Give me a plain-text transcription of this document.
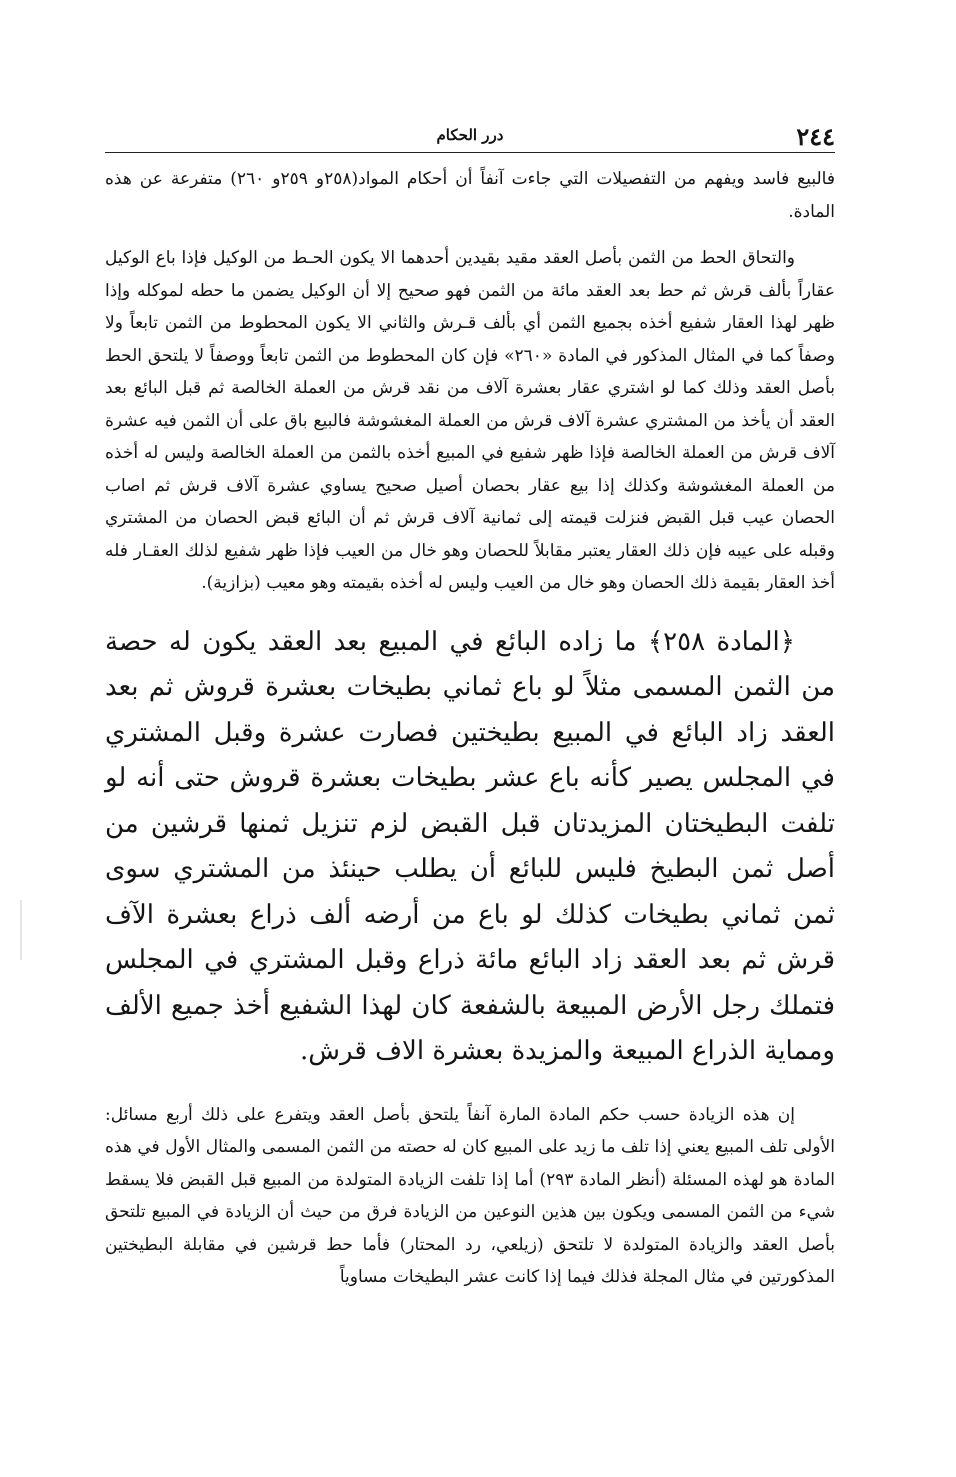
٢٤٤
درر الحكام

فالبيع فاسد ويفهم من التفصيلات التي جاءت آنفاً أن أحكام المواد(٢٥٨و ٢٥٩و ٢٦٠) متفرعة عن هذه المادة.

والتحاق الحط من الثمن بأصل العقد مقيد بقيدين أحدهما الا يكون الحـط من الوكيل فإذا باع الوكيل عقاراً بألف قرش ثم حط بعد العقد مائة من الثمن فهو صحيح إلا أن الوكيل يضمن ما حطه لموكله وإذا ظهر لهذا العقار شفيع أخذه بجميع الثمن أي بألف قـرش والثاني الا يكون المحطوط من الثمن تابعاً ولا وصفاً كما في المثال المذكور في المادة «٢٦٠» فإن كان المحطوط من الثمن تابعاً ووصفاً لا يلتحق الحط بأصل العقد وذلك كما لو اشتري عقار بعشرة آلاف من نقد قرش من العملة الخالصة ثم قبل البائع بعد العقد أن يأخذ من المشتري عشرة آلاف قرش من العملة المغشوشة فالبيع باق على أن الثمن فيه عشرة آلاف قرش من العملة الخالصة فإذا ظهر شفيع في المبيع أخذه بالثمن من العملة الخالصة وليس له أخذه من العملة المغشوشة وكذلك إذا بيع عقار بحصان أصيل صحيح يساوي عشرة آلاف قرش ثم اصاب الحصان عيب قبل القبض فنزلت قيمته إلى ثمانية آلاف قرش ثم أن البائع قبض الحصان من المشتري وقبله على عيبه فإن ذلك العقار يعتبر مقابلاً للحصان وهو خال من العيب فإذا ظهر شفيع لذلك العقـار فله أخذ العقار بقيمة ذلك الحصان وهو خال من العيب وليس له أخذه بقيمته وهو معيب (بزازية).

﴿المادة ٢٥٨﴾ ما زاده البائع في المبيع بعد العقد يكون له حصة من الثمن المسمى مثلاً لو باع ثماني بطيخات بعشرة قروش ثم بعد العقد زاد البائع في المبيع بطيختين فصارت عشرة وقبل المشتري في المجلس يصير كأنه باع عشر بطيخات بعشرة قروش حتى أنه لو تلفت البطيختان المزيدتان قبل القبض لزم تنزيل ثمنها قرشين من أصل ثمن البطيخ فليس للبائع أن يطلب حينئذ من المشتري سوى ثمن ثماني بطيخات كذلك لو باع من أرضه ألف ذراع بعشرة الآف قرش ثم بعد العقد زاد البائع مائة ذراع وقبل المشتري في المجلس فتملك رجل الأرض المبيعة بالشفعة كان لهذا الشفيع أخذ جميع الألف ومماية الذراع المبيعة والمزيدة بعشرة الاف قرش.

إن هذه الزيادة حسب حكم المادة المارة آنفاً يلتحق بأصل العقد ويتفرع على ذلك أربع مسائل: الأولى تلف المبيع يعني إذا تلف ما زيد على المبيع كان له حصته من الثمن المسمى والمثال الأول في هذه المادة هو لهذه المسئلة (أنظر المادة ٢٩٣) أما إذا تلفت الزيادة المتولدة من المبيع قبل القبض فلا يسقط شيء من الثمن المسمى ويكون بين هذين النوعين من الزيادة فرق من حيث أن الزيادة في المبيع تلتحق بأصل العقد والزيادة المتولدة لا تلتحق (زيلعي، رد المحتار) فأما حط قرشين في مقابلة البطيختين المذكورتين في مثال المجلة فذلك فيما إذا كانت عشر البطيخات مساوياً
